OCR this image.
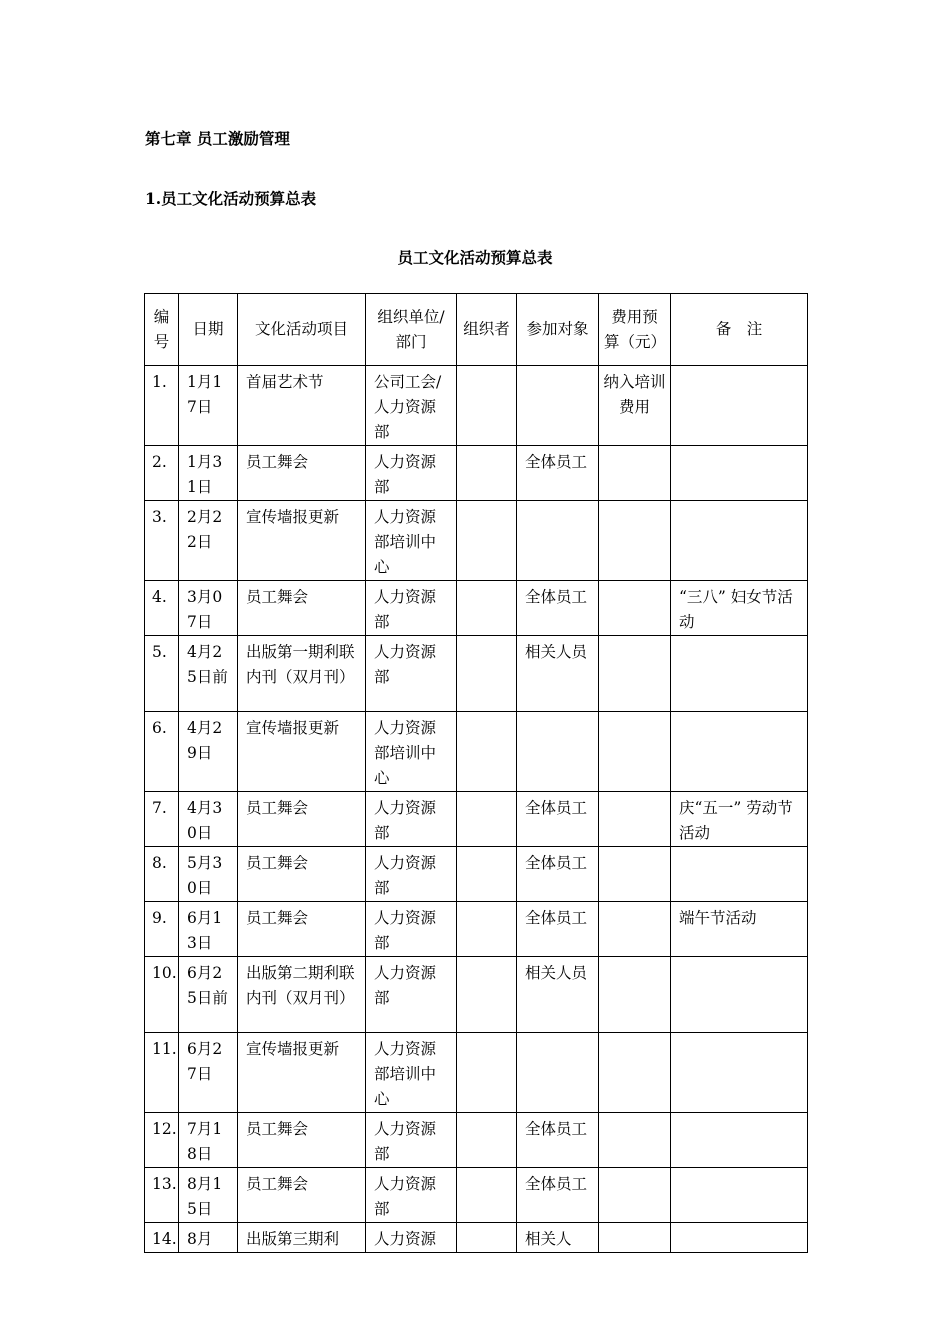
第七章 员工激励管理
1.员工文化活动预算总表
员工文化活动预算总表
编号	日期	文化活动项目	组织单位/部门	组织者	参加对象	费用预算（元）	备　注
1.	1月17日	首届艺术节	公司工会/人力资源部			纳入培训费用	
2.	1月31日	员工舞会	人力资源部		全体员工		
3.	2月22日	宣传墙报更新	人力资源部培训中心				
4.	3月07日	员工舞会	人力资源部		全体员工		“三八” 妇女节活动
5.	4月25日前	出版第一期利联内刊（双月刊）	人力资源部		相关人员		
6.	4月29日	宣传墙报更新	人力资源部培训中心				
7.	4月30日	员工舞会	人力资源部		全体员工		庆“五一” 劳动节活动
8.	5月30日	员工舞会	人力资源部		全体员工		
9.	6月13日	员工舞会	人力资源部		全体员工		端午节活动
10.	6月25日前	出版第二期利联内刊（双月刊）	人力资源部		相关人员		
11.	6月27日	宣传墙报更新	人力资源部培训中心				
12.	7月18日	员工舞会	人力资源部		全体员工		
13.	8月15日	员工舞会	人力资源部		全体员工		
14.	8月	出版第三期利	人力资源		相关人		
